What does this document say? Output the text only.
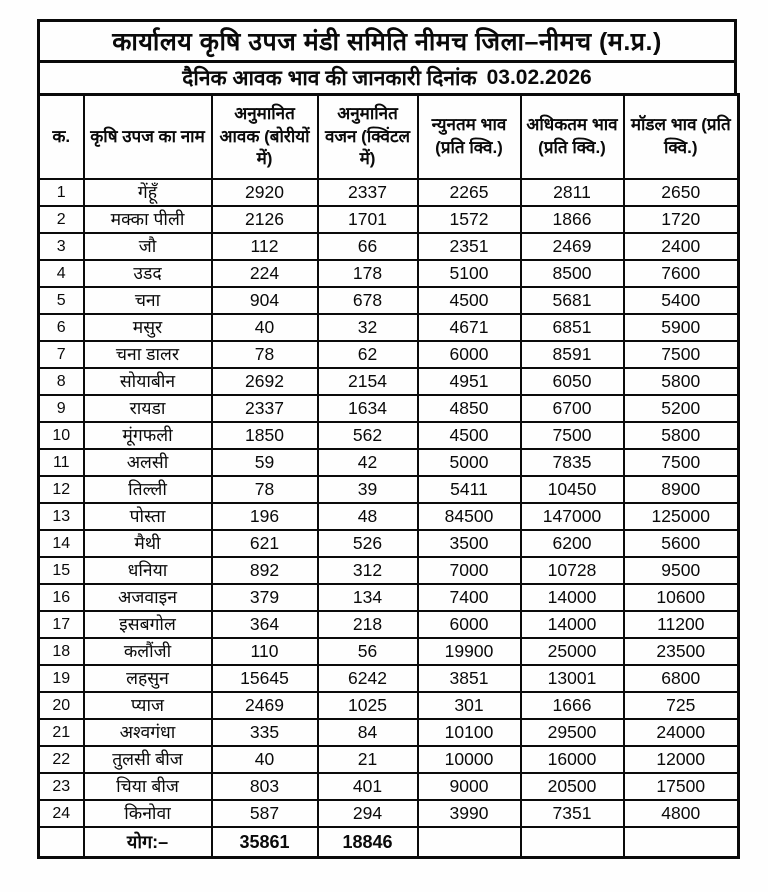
कार्यालय कृषि उपज मंडी समिति नीमच जिला–नीमच (म.प्र.)
दैनिक आवक भाव की जानकारी दिनांक 03.02.2026
क.	कृषि उपज का नाम	अनुमानित आवक (बोरीयों में)	अनुमानित वजन (क्विंटल में)	न्युनतम भाव (प्रति क्वि.)	अधिकतम भाव (प्रति क्वि.)	मॉडल भाव (प्रति क्वि.)
1	गेंहूँ	2920	2337	2265	2811	2650
2	मक्का पीली	2126	1701	1572	1866	1720
3	जौ	112	66	2351	2469	2400
4	उडद	224	178	5100	8500	7600
5	चना	904	678	4500	5681	5400
6	मसुर	40	32	4671	6851	5900
7	चना डालर	78	62	6000	8591	7500
8	सोयाबीन	2692	2154	4951	6050	5800
9	रायडा	2337	1634	4850	6700	5200
10	मूंगफली	1850	562	4500	7500	5800
11	अलसी	59	42	5000	7835	7500
12	तिल्ली	78	39	5411	10450	8900
13	पोस्ता	196	48	84500	147000	125000
14	मैथी	621	526	3500	6200	5600
15	धनिया	892	312	7000	10728	9500
16	अजवाइन	379	134	7400	14000	10600
17	इसबगोल	364	218	6000	14000	11200
18	कलौंजी	110	56	19900	25000	23500
19	लहसुन	15645	6242	3851	13001	6800
20	प्याज	2469	1025	301	1666	725
21	अश्वगंधा	335	84	10100	29500	24000
22	तुलसी बीज	40	21	10000	16000	12000
23	चिया बीज	803	401	9000	20500	17500
24	किनोवा	587	294	3990	7351	4800
	योग:–	35861	18846			
